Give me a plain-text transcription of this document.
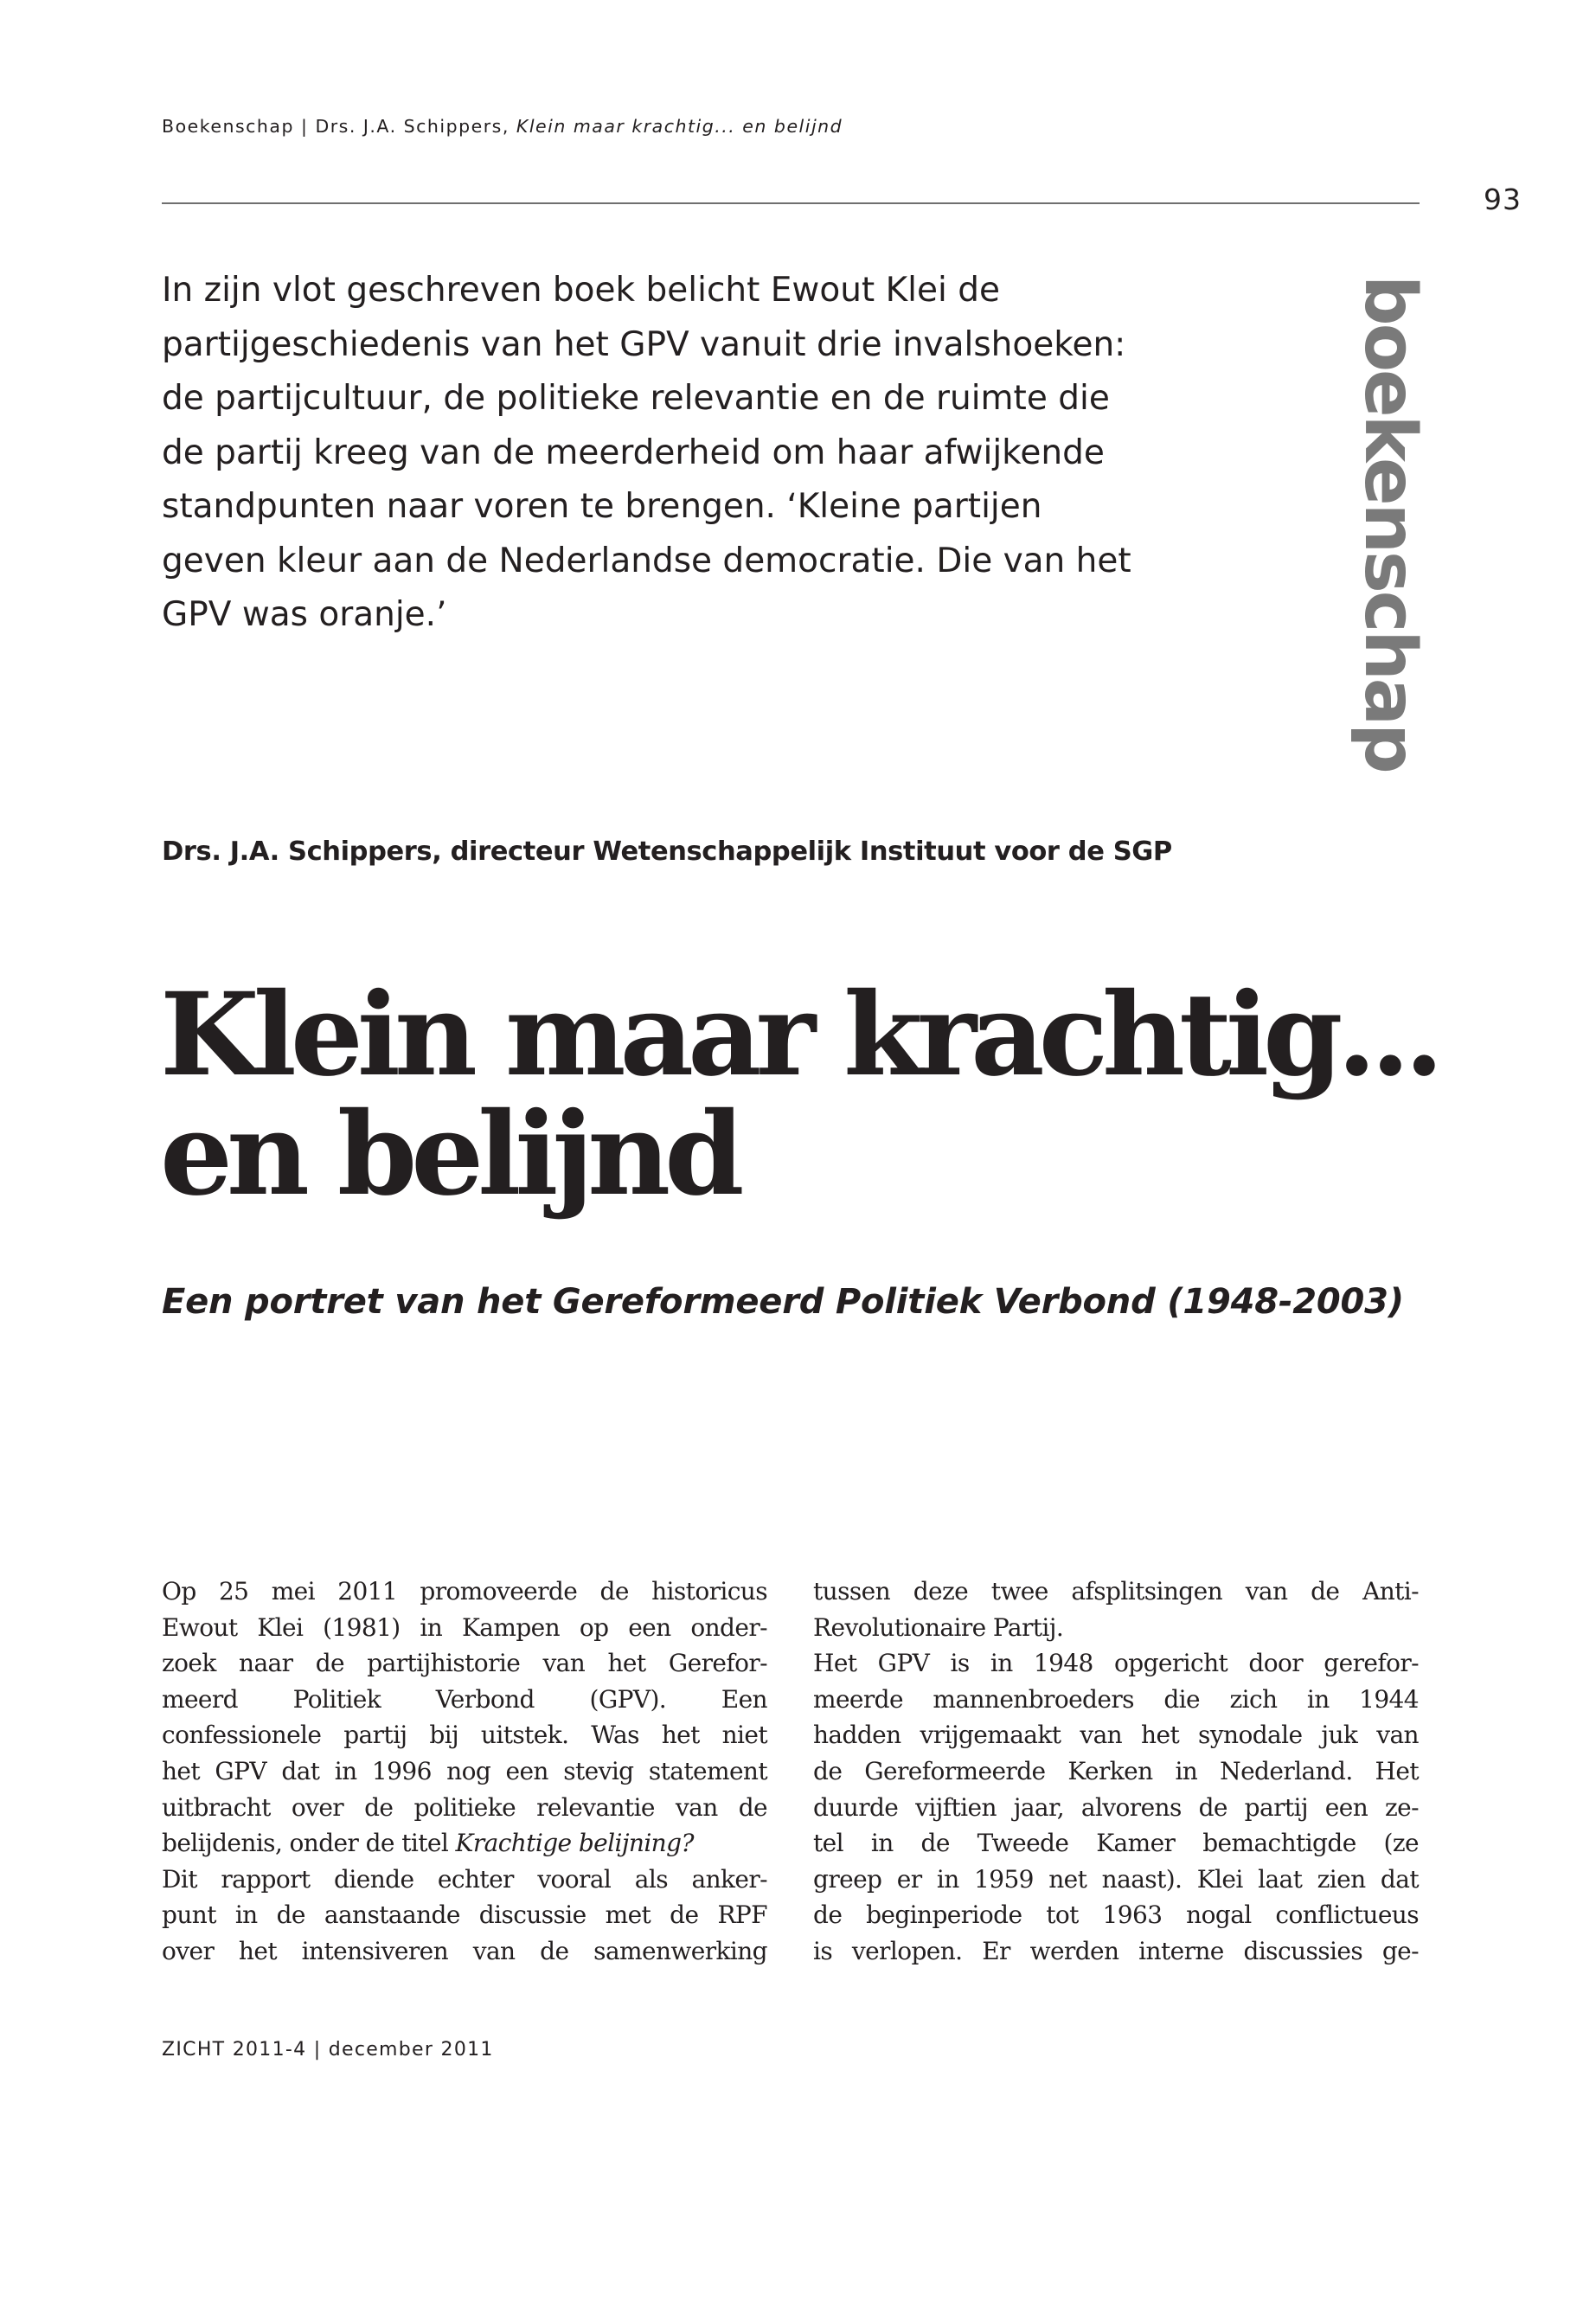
Boekenschap | Drs. J.A. Schippers, Klein maar krachtig... en belijnd
93
boekenschap
In zijn vlot geschreven boek belicht Ewout Klei de
partijgeschiedenis van het GPV vanuit drie invalshoeken:
de partijcultuur, de politieke relevantie en de ruimte die
de partij kreeg van de meerderheid om haar afwijkende
standpunten naar voren te brengen. ‘Kleine partijen
geven kleur aan de Nederlandse democratie. Die van het
GPV was oranje.’
Drs. J.A. Schippers, directeur Wetenschappelijk Instituut voor de SGP
Klein maar krachtig...
en belijnd
Een portret van het Gereformeerd Politiek Verbond (1948-2003)
Op 25 mei 2011 promoveerde de historicus
Ewout Klei (1981) in Kampen op een onder-
zoek naar de partijhistorie van het Gerefor-
meerd Politiek Verbond (GPV). Een
confessionele partij bij uitstek. Was het niet
het GPV dat in 1996 nog een stevig statement
uitbracht over de politieke relevantie van de
belijdenis, onder de titel Krachtige belijning?
Dit rapport diende echter vooral als anker-
punt in de aanstaande discussie met de RPF
over het intensiveren van de samenwerking
tussen deze twee afsplitsingen van de Anti-
Revolutionaire Partij.
Het GPV is in 1948 opgericht door gerefor-
meerde mannenbroeders die zich in 1944
hadden vrijgemaakt van het synodale juk van
de Gereformeerde Kerken in Nederland. Het
duurde vijftien jaar, alvorens de partij een ze-
tel in de Tweede Kamer bemachtigde (ze
greep er in 1959 net naast). Klei laat zien dat
de beginperiode tot 1963 nogal conflictueus
is verlopen. Er werden interne discussies ge-
ZICHT 2011-4 | december 2011
